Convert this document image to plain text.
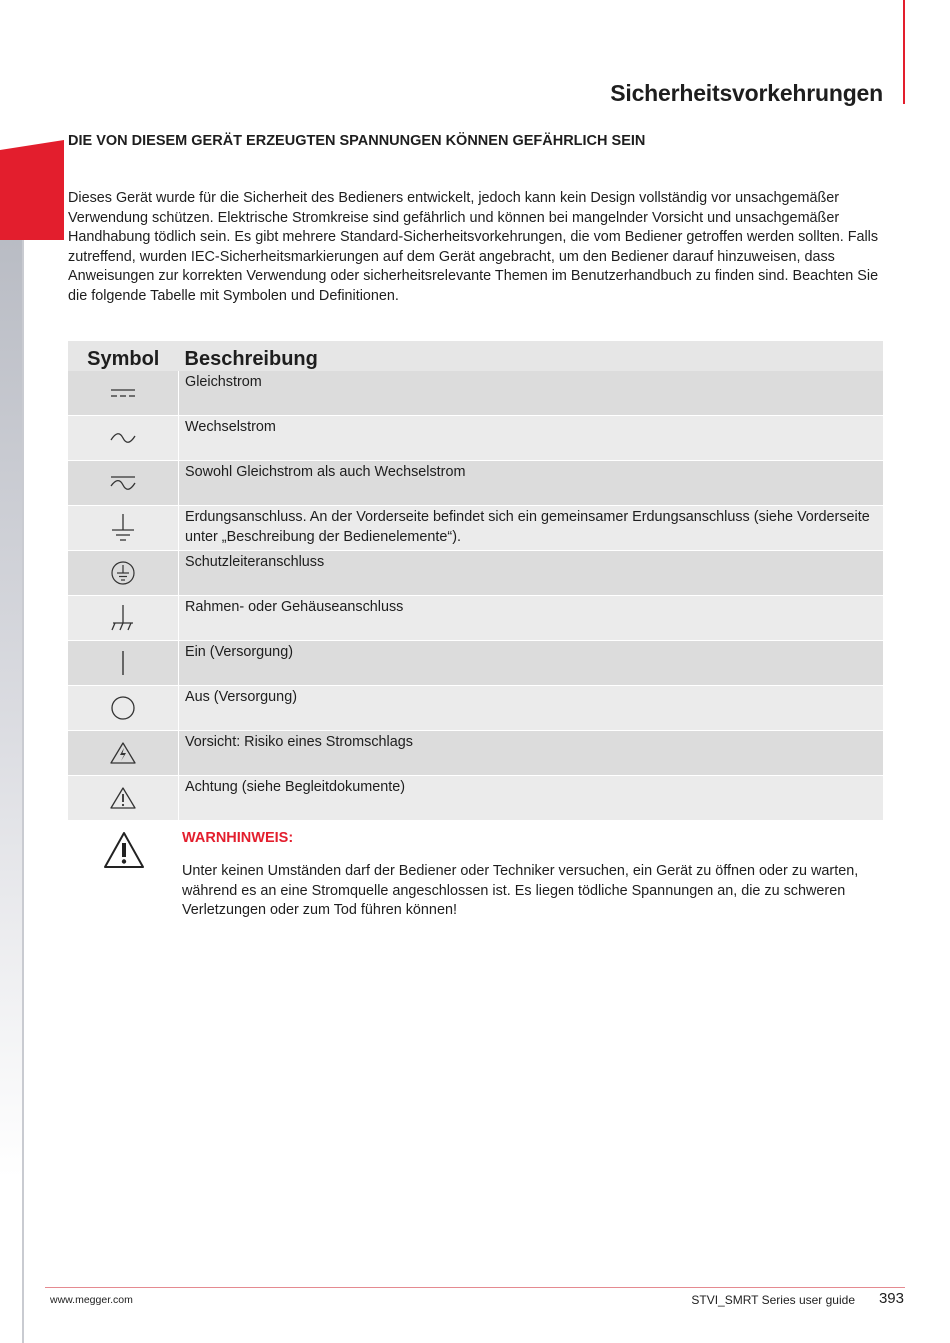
Sicherheitsvorkehrungen
DIE VON DIESEM GERÄT ERZEUGTEN SPANNUNGEN KÖNNEN GEFÄHRLICH SEIN

Dieses Gerät wurde für die Sicherheit des Bedieners entwickelt, jedoch kann kein Design vollständig vor unsachgemäßer Verwendung schützen. Elektrische Stromkreise sind gefährlich und können bei mangelnder Vorsicht und unsachgemäßer Handhabung tödlich sein. Es gibt mehrere Standard-Sicherheitsvorkehrungen, die vom Bediener getroffen werden sollten. Falls zutreffend, wurden IEC-Sicherheitsmarkierungen auf dem Gerät angebracht, um den Bediener darauf hinzuweisen, dass Anweisungen zur korrekten Verwendung oder sicherheitsrelevante Themen im Benutzerhandbuch zu finden sind. Beachten Sie die folgende Tabelle mit Symbolen und Definitionen.

Symbol	Beschreibung
	Gleichstrom
	Wechselstrom
	Sowohl Gleichstrom als auch Wechselstrom
	Erdungsanschluss. An der Vorderseite befindet sich ein gemeinsamer Erdungsanschluss (siehe Vorderseite unter „Beschreibung der Bedienelemente“).
	Schutzleiteranschluss
	Rahmen- oder Gehäuseanschluss
	Ein (Versorgung)
	Aus (Versorgung)
	Vorsicht: Risiko eines Stromschlags
	Achtung (siehe Begleitdokumente)
WARNHINWEIS:

Unter keinen Umständen darf der Bediener oder Techniker versuchen, ein Gerät zu öffnen oder zu warten, während es an eine Stromquelle angeschlossen ist. Es liegen tödliche Spannungen an, die zu schweren Verletzungen oder zum Tod führen können!

www.megger.com	STVI_SMRT Series user guide 393
